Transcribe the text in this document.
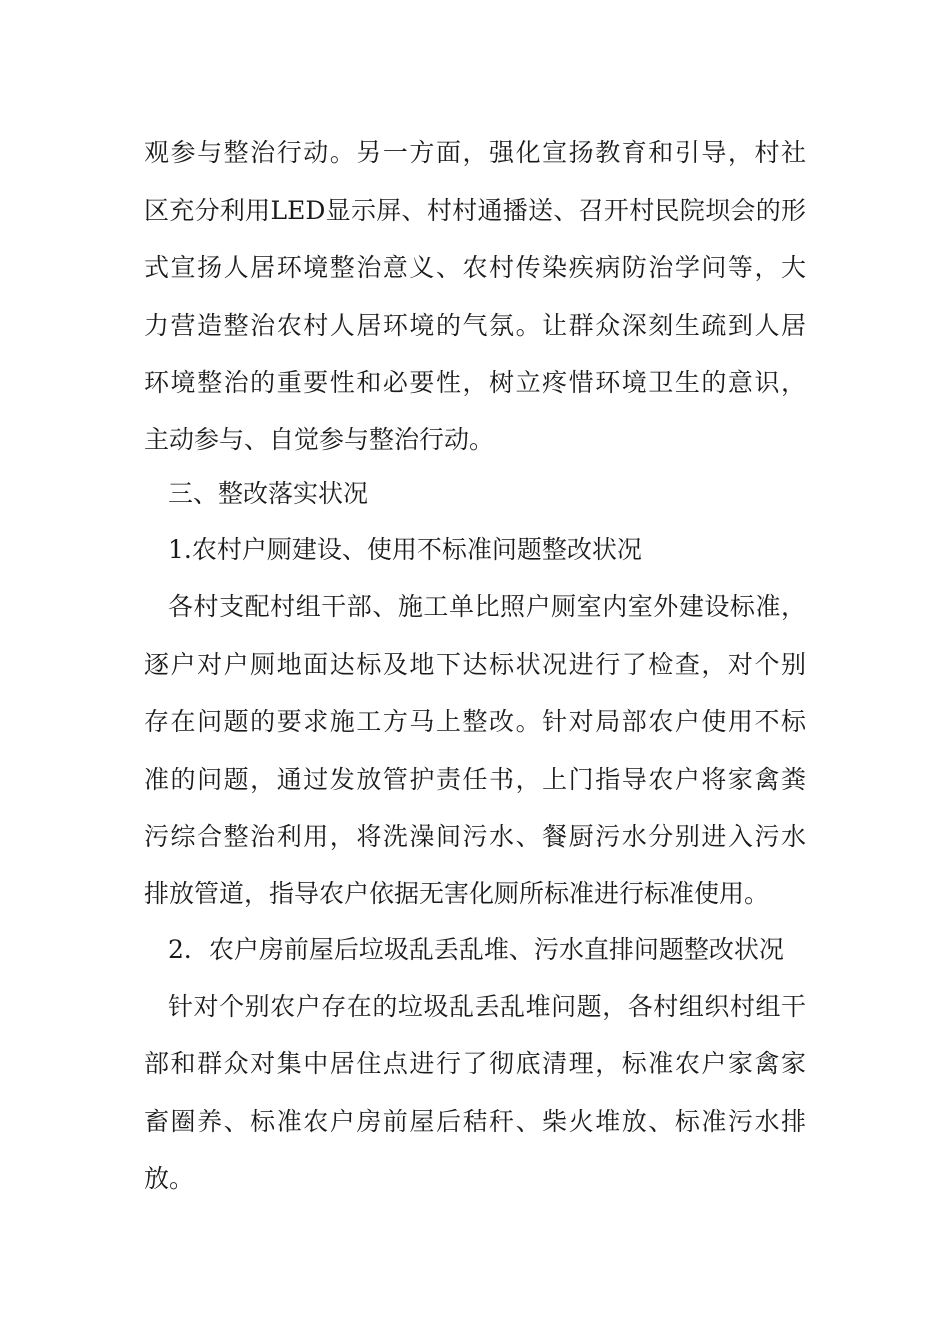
观参与整治行动。另一方面，强化宣扬教育和引导，村社

区充分利用LED显示屏、村村通播送、召开村民院坝会的形

式宣扬人居环境整治意义、农村传染疾病防治学问等，大

力营造整治农村人居环境的气氛。让群众深刻生疏到人居

环境整治的重要性和必要性，树立疼惜环境卫生的意识，

主动参与、自觉参与整治行动。

三、整改落实状况

1.农村户厕建设、使用不标准问题整改状况

各村支配村组干部、施工单比照户厕室内室外建设标准，

逐户对户厕地面达标及地下达标状况进行了检查，对个别

存在问题的要求施工方马上整改。针对局部农户使用不标

准的问题，通过发放管护责任书，上门指导农户将家禽粪

污综合整治利用，将洗澡间污水、餐厨污水分别进入污水

排放管道，指导农户依据无害化厕所标准进行标准使用。

2．农户房前屋后垃圾乱丢乱堆、污水直排问题整改状况

针对个别农户存在的垃圾乱丢乱堆问题，各村组织村组干

部和群众对集中居住点进行了彻底清理，标准农户家禽家

畜圈养、标准农户房前屋后秸秆、柴火堆放、标准污水排

放。
